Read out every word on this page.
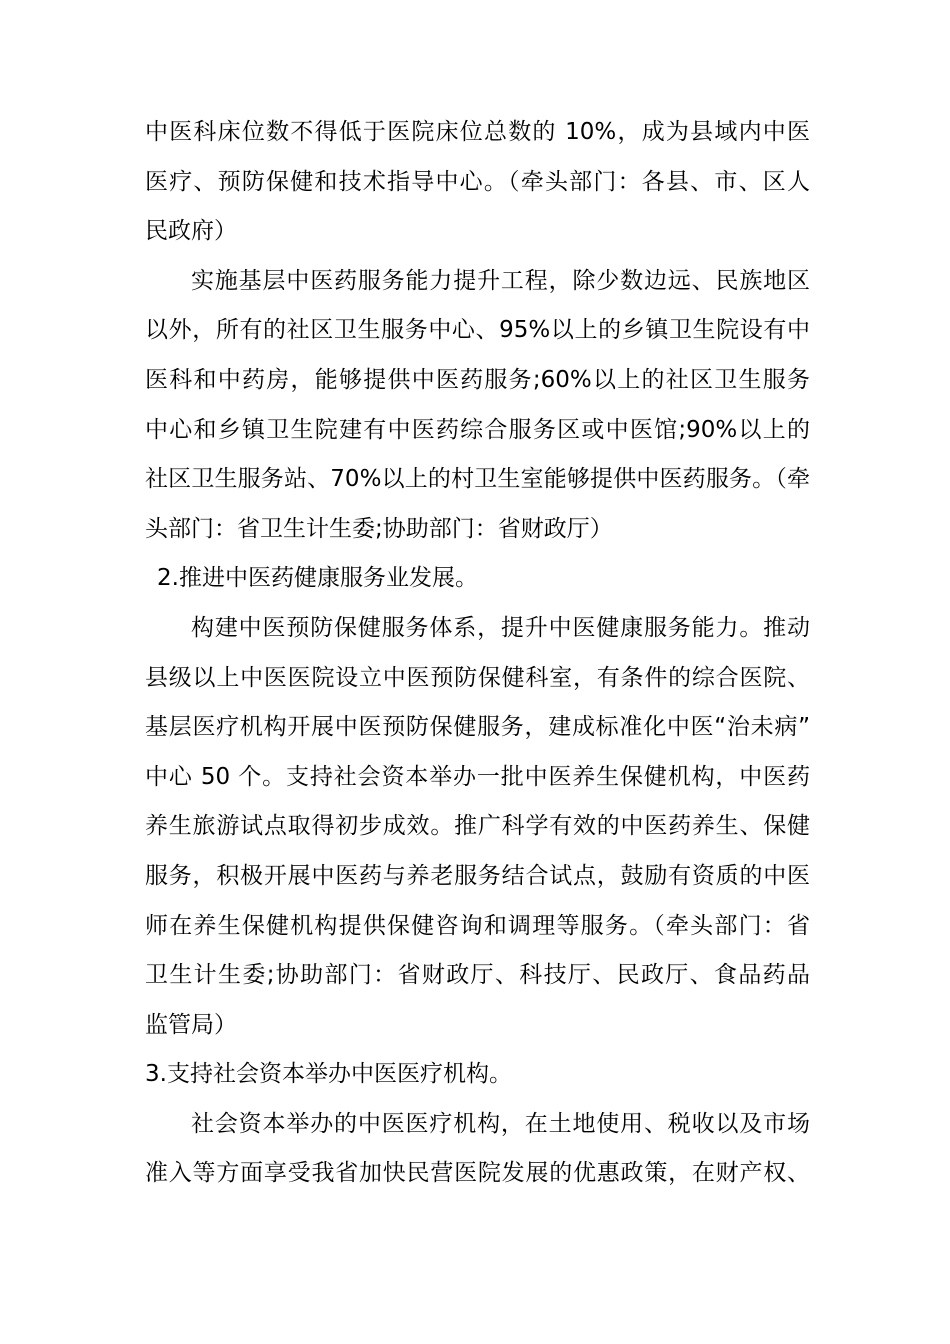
中医科床位数不得低于医院床位总数的 10%，成为县域内中医
医疗、预防保健和技术指导中心。（牵头部门：各县、市、区人
民政府）
实施基层中医药服务能力提升工程，除少数边远、民族地区
以外，所有的社区卫生服务中心、95%以上的乡镇卫生院设有中
医科和中药房，能够提供中医药服务;60%以上的社区卫生服务
中心和乡镇卫生院建有中医药综合服务区或中医馆;90%以上的
社区卫生服务站、70%以上的村卫生室能够提供中医药服务。（牵
头部门：省卫生计生委;协助部门：省财政厅）
2.推进中医药健康服务业发展。
构建中医预防保健服务体系，提升中医健康服务能力。推动
县级以上中医医院设立中医预防保健科室，有条件的综合医院、
基层医疗机构开展中医预防保健服务，建成标准化中医“治未病”
中心 50 个。支持社会资本举办一批中医养生保健机构，中医药
养生旅游试点取得初步成效。推广科学有效的中医药养生、保健
服务，积极开展中医药与养老服务结合试点，鼓励有资质的中医
师在养生保健机构提供保健咨询和调理等服务。（牵头部门：省
卫生计生委;协助部门：省财政厅、科技厅、民政厅、食品药品
监管局）
3.支持社会资本举办中医医疗机构。
社会资本举办的中医医疗机构，在土地使用、税收以及市场
准入等方面享受我省加快民营医院发展的优惠政策，在财产权、
